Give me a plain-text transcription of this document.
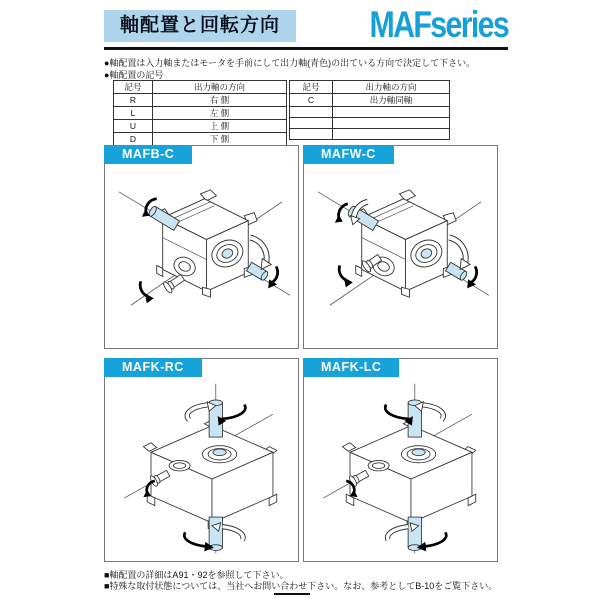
軸配置と回転方向	MAFseries
●軸配置は入力軸またはモータを手前にして出力軸(青色)の出ている方向で決定して下さい。
●軸配置の記号
記号	出力軸の方向
R	右 側
L	左 側
U	上 側
D	下 側
記号	出力軸の方向
C	出力軸同軸

MAFB-C	MAFW-C
MAFK-RC	MAFK-LC
■軸配置の詳細はA91・92を参照して下さい。
■特殊な取付状態については、当社へお問い合わせ下さい。なお、参考としてB-10をご覧下さい。
